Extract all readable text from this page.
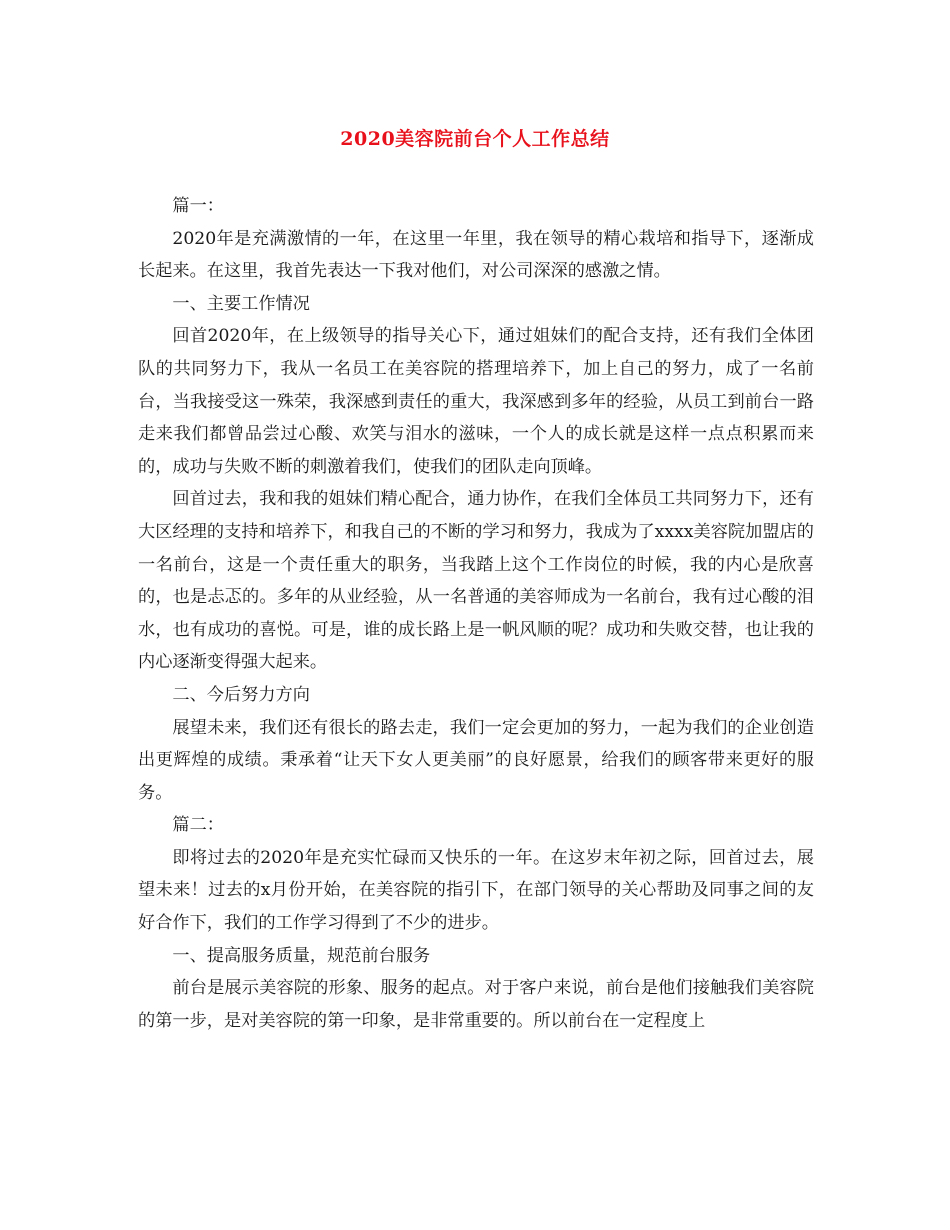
2020美容院前台个人工作总结

篇一：

2020年是充满激情的一年，在这里一年里，我在领导的精心栽培和指导下，逐渐成长起来。在这里，我首先表达一下我对他们，对公司深深的感激之情。

一、主要工作情况

回首2020年，在上级领导的指导关心下，通过姐妹们的配合支持，还有我们全体团队的共同努力下，我从一名员工在美容院的搭理培养下，加上自己的努力，成了一名前台，当我接受这一殊荣，我深感到责任的重大，我深感到多年的经验，从员工到前台一路走来我们都曾品尝过心酸、欢笑与泪水的滋味，一个人的成长就是这样一点点积累而来的，成功与失败不断的刺激着我们，使我们的团队走向顶峰。

回首过去，我和我的姐妹们精心配合，通力协作，在我们全体员工共同努力下，还有大区经理的支持和培养下，和我自己的不断的学习和努力，我成为了xxxx美容院加盟店的一名前台，这是一个责任重大的职务，当我踏上这个工作岗位的时候，我的内心是欣喜的，也是忐忑的。多年的从业经验，从一名普通的美容师成为一名前台，我有过心酸的泪水，也有成功的喜悦。可是，谁的成长路上是一帆风顺的呢？成功和失败交替，也让我的内心逐渐变得强大起来。

二、今后努力方向

展望未来，我们还有很长的路去走，我们一定会更加的努力，一起为我们的企业创造出更辉煌的成绩。秉承着“让天下女人更美丽”的良好愿景，给我们的顾客带来更好的服务。

篇二：

即将过去的2020年是充实忙碌而又快乐的一年。在这岁末年初之际，回首过去，展望未来！过去的x月份开始，在美容院的指引下，在部门领导的关心帮助及同事之间的友好合作下，我们的工作学习得到了不少的进步。

一、提高服务质量，规范前台服务

前台是展示美容院的形象、服务的起点。对于客户来说，前台是他们接触我们美容院的第一步，是对美容院的第一印象，是非常重要的。所以前台在一定程度上
